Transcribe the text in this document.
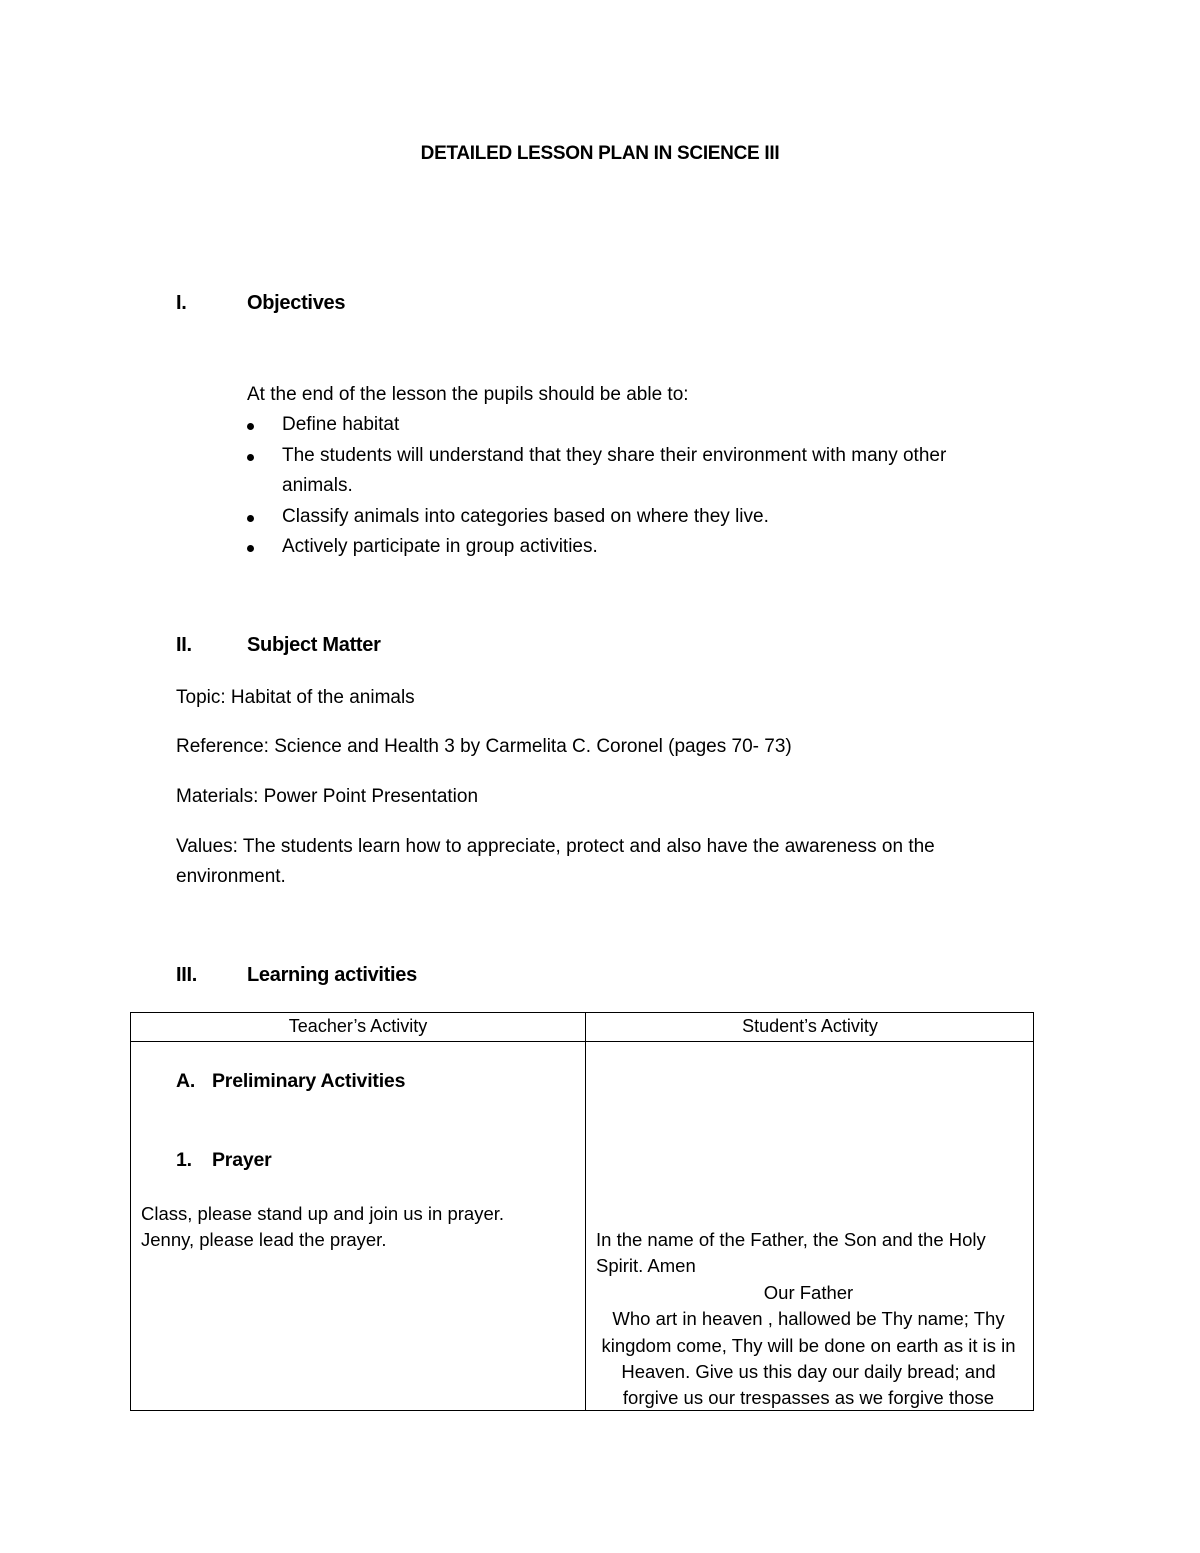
DETAILED LESSON PLAN IN SCIENCE III
I.	Objectives
At the end of the lesson the pupils should be able to:
Define habitat
The students will understand that they share their environment with many other animals.
Classify animals into categories based on where they live.
Actively participate in group activities.
II.	Subject Matter
Topic: Habitat of the animals
Reference: Science and Health 3 by Carmelita C. Coronel (pages 70- 73)
Materials: Power Point Presentation
Values: The students learn how to appreciate, protect and also have the awareness on the environment.
III. Learning activities
Teacher’s Activity	Student’s Activity
A. Preliminary Activities
1. Prayer
Class, please stand up and join us in prayer.
Jenny, please lead the prayer.	In the name of the Father, the Son and the Holy Spirit. Amen
Our Father
Who art in heaven , hallowed be Thy name; Thy kingdom come, Thy will be done on earth as it is in Heaven. Give us this day our daily bread; and forgive us our trespasses as we forgive those
